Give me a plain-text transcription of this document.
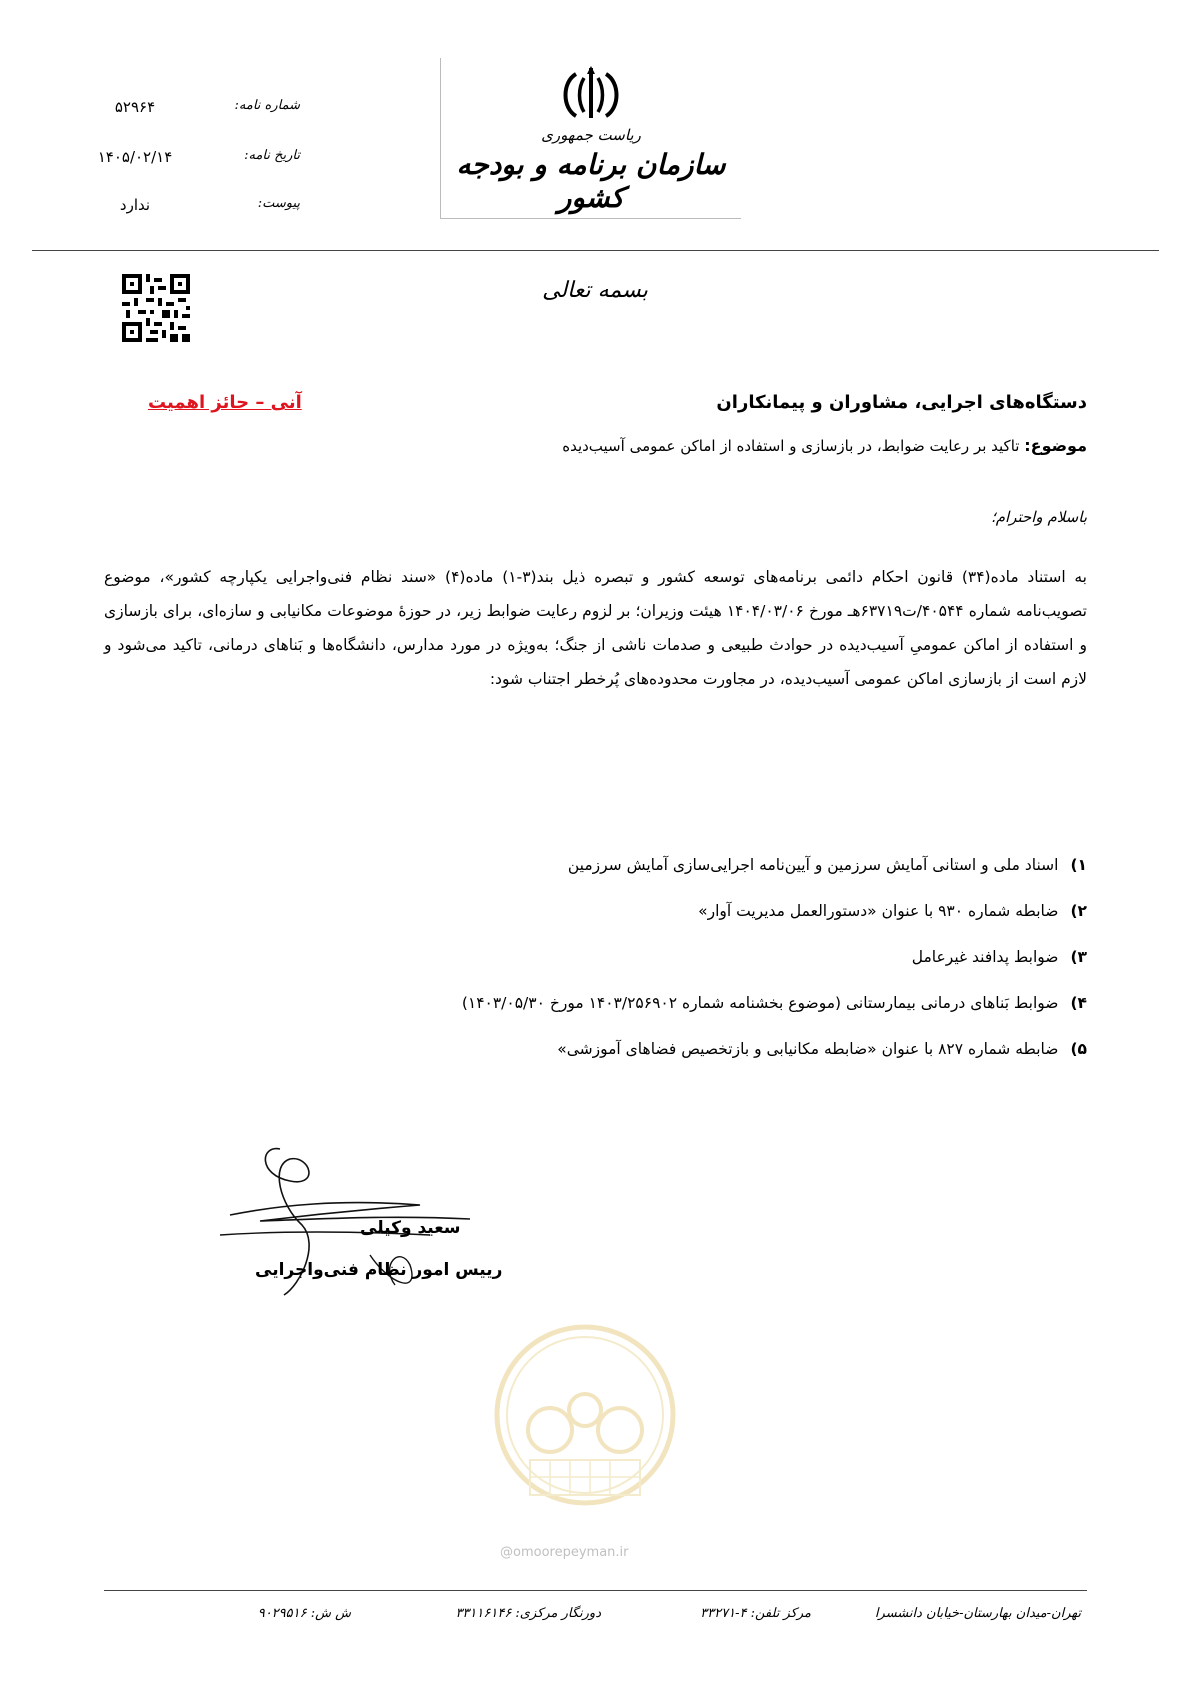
شماره نامه:
۵۲۹۶۴
تاریخ نامه:
۱۴۰۵/۰۲/۱۴
پیوست:
ندارد
ریاست جمهوری
سازمان برنامه و بودجه کشور
بسمه تعالی
دستگاه‌های اجرایی، مشاوران و پیمانکاران
آنی – حائز اهمیت
موضوع: تاکید بر رعایت ضوابط، در بازسازی و استفاده از اماکن عمومی آسیب‌دیده
باسلام واحترام؛
به استناد ماده(۳۴) قانون احکام دائمی برنامه‌های توسعه کشور و تبصره ذیل بند(۳-۱) ماده(۴) «سند نظام فنی‌واجرایی یکپارچه کشور»، موضوع تصویب‌نامه شماره ۴۰۵۴۴/ت۶۳۷۱۹هـ مورخ ۱۴۰۴/۰۳/۰۶ هیئت وزیران؛ بر لزوم رعایت ضوابط زیر، در حوزۀ موضوعات مکانیابی و سازه‌ای، برای بازسازی و استفاده از اماکن عمومیِ آسیب‌دیده در حوادث طبیعی و صدمات ناشی از جنگ؛ به‌ویژه در مورد مدارس، دانشگاه‌ها و بَناهای درمانی، تاکید می‌شود و لازم است از بازسازی اماکن عمومی آسیب‌دیده، در مجاورت محدوده‌های پُرخطر اجتناب شود:
۱)اسناد ملی و استانی آمایش سرزمین و آیین‌نامه اجرایی‌سازی آمایش سرزمین
۲)ضابطه شماره ۹۳۰ با عنوان «دستورالعمل مدیریت آوار»
۳)ضوابط پدافند غیرعامل
۴)ضوابط بَناهای درمانی بیمارستانی (موضوع بخشنامه شماره ۱۴۰۳/۲۵۶۹۰۲ مورخ ۱۴۰۳/۰۵/۳۰)
۵)ضابطه شماره ۸۲۷ با عنوان «ضابطه مکانیابی و بازتخصیص فضاهای آموزشی»
سعید وکیلی
رییس امور نظام فنی‌واجرایی
@omoorepeyman.ir
تهران-میدان بهارستان-خیابان دانشسرا
مرکز تلفن: ۴-۳۳۲۷۱
دورنگار مرکزی: ۳۳۱۱۶۱۴۶
ش ش: ۹۰۲۹۵۱۶
